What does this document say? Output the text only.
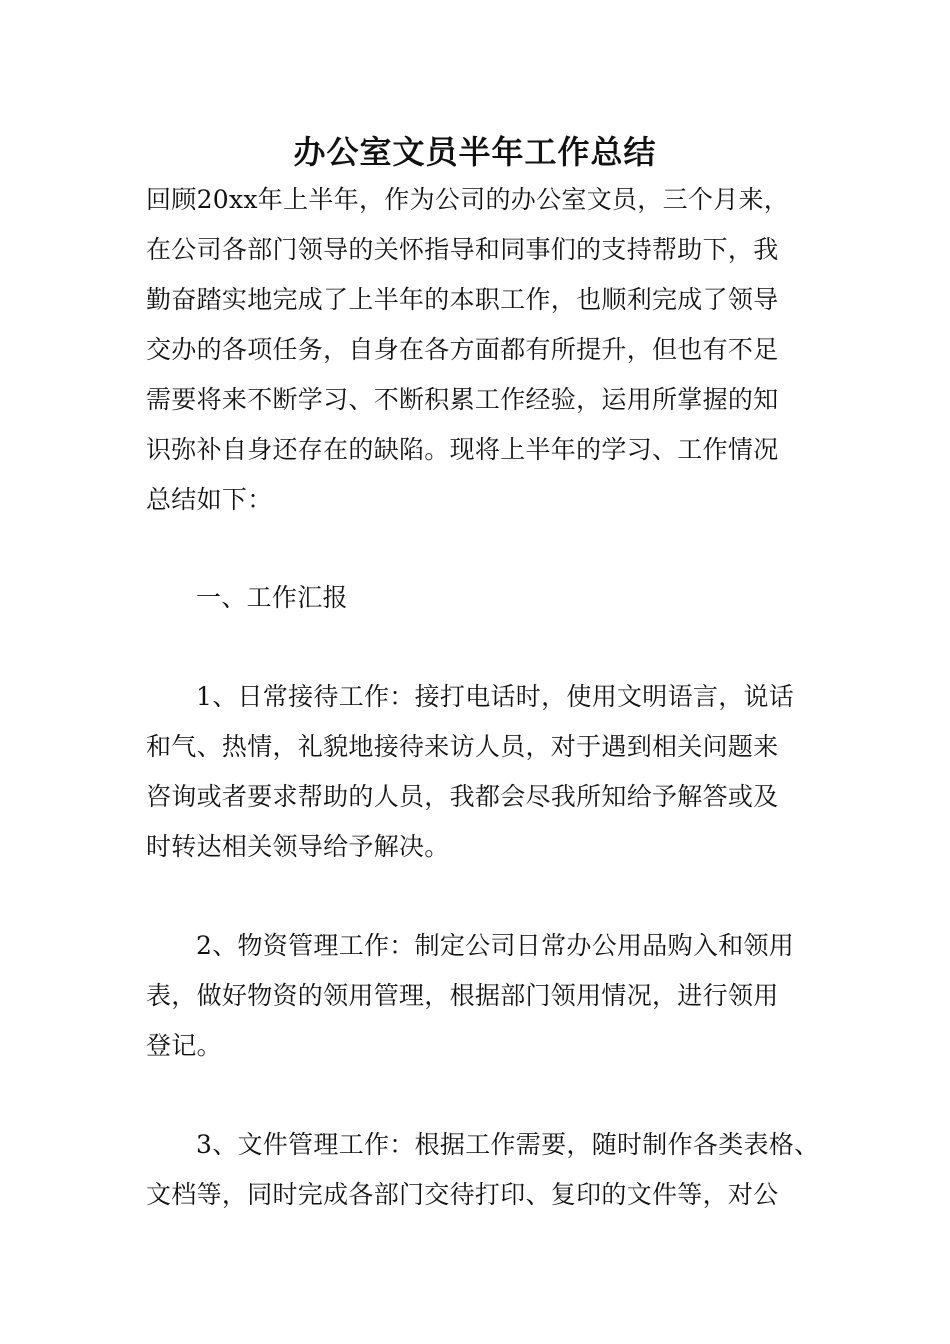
办公室文员半年工作总结

回顾20xx年上半年，作为公司的办公室文员，三个月来，

在公司各部门领导的关怀指导和同事们的支持帮助下，我

勤奋踏实地完成了上半年的本职工作，也顺利完成了领导

交办的各项任务，自身在各方面都有所提升，但也有不足

需要将来不断学习、不断积累工作经验，运用所掌握的知

识弥补自身还存在的缺陷。现将上半年的学习、工作情况

总结如下：

一、工作汇报

1、日常接待工作：接打电话时，使用文明语言，说话

和气、热情，礼貌地接待来访人员，对于遇到相关问题来

咨询或者要求帮助的人员，我都会尽我所知给予解答或及

时转达相关领导给予解决。

2、物资管理工作：制定公司日常办公用品购入和领用

表，做好物资的领用管理，根据部门领用情况，进行领用

登记。

3、文件管理工作：根据工作需要，随时制作各类表格、

文档等，同时完成各部门交待打印、复印的文件等，对公
